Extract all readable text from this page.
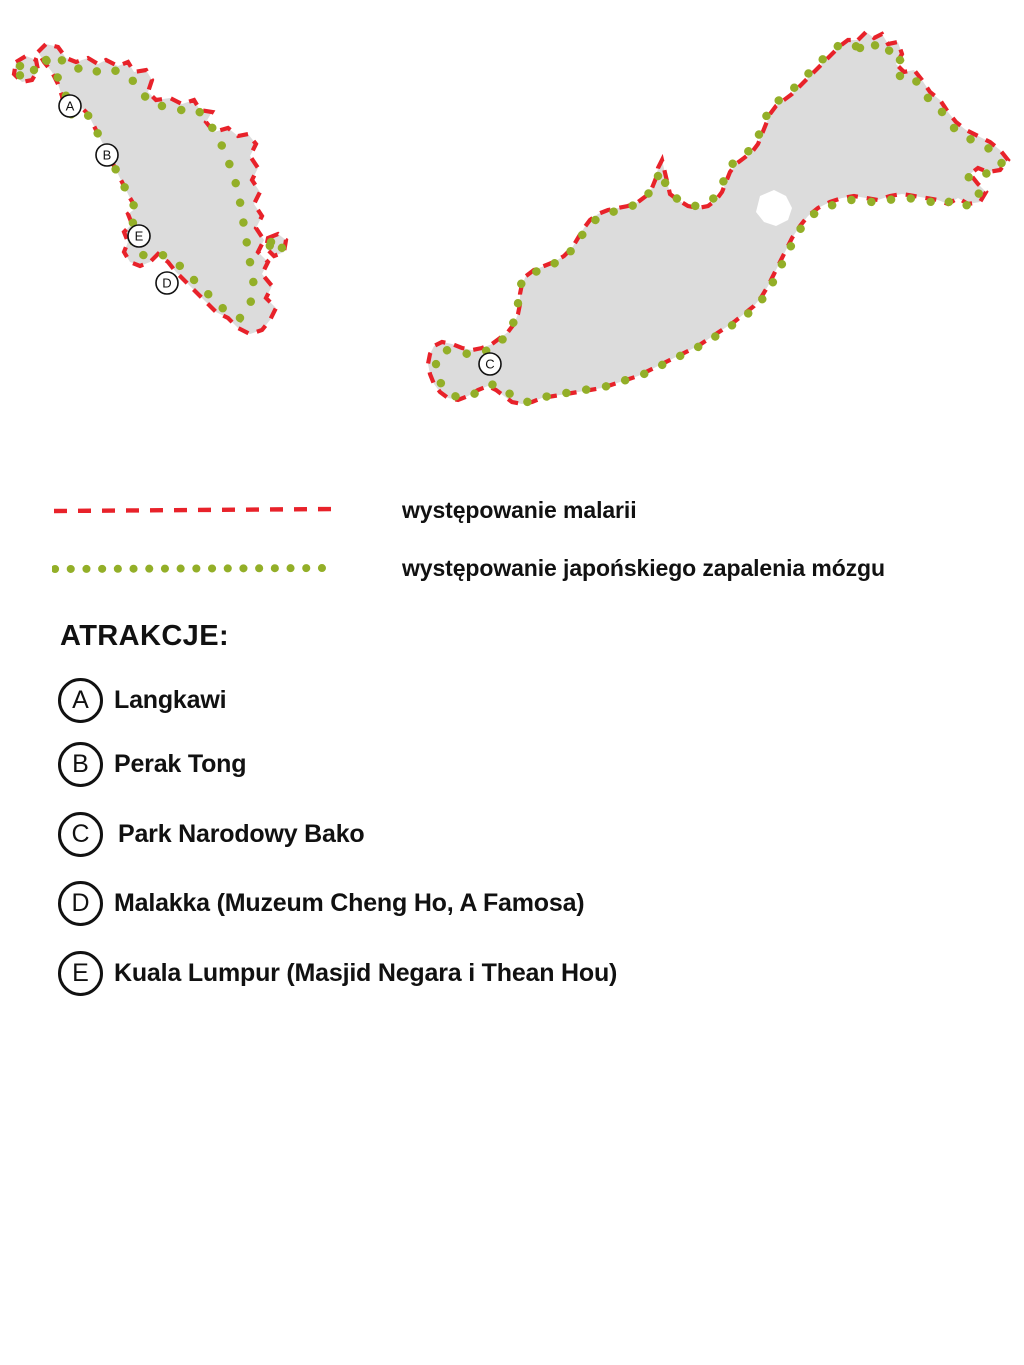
A
B
C
D
E
występowanie malarii
występowanie japońskiego zapalenia mózgu
ATRAKCJE:
A	Langkawi
B	Perak Tong
C	Park Narodowy Bako
D Malakka (Muzeum Cheng Ho, A Famosa)
E	Kuala Lumpur (Masjid Negara i Thean Hou)
